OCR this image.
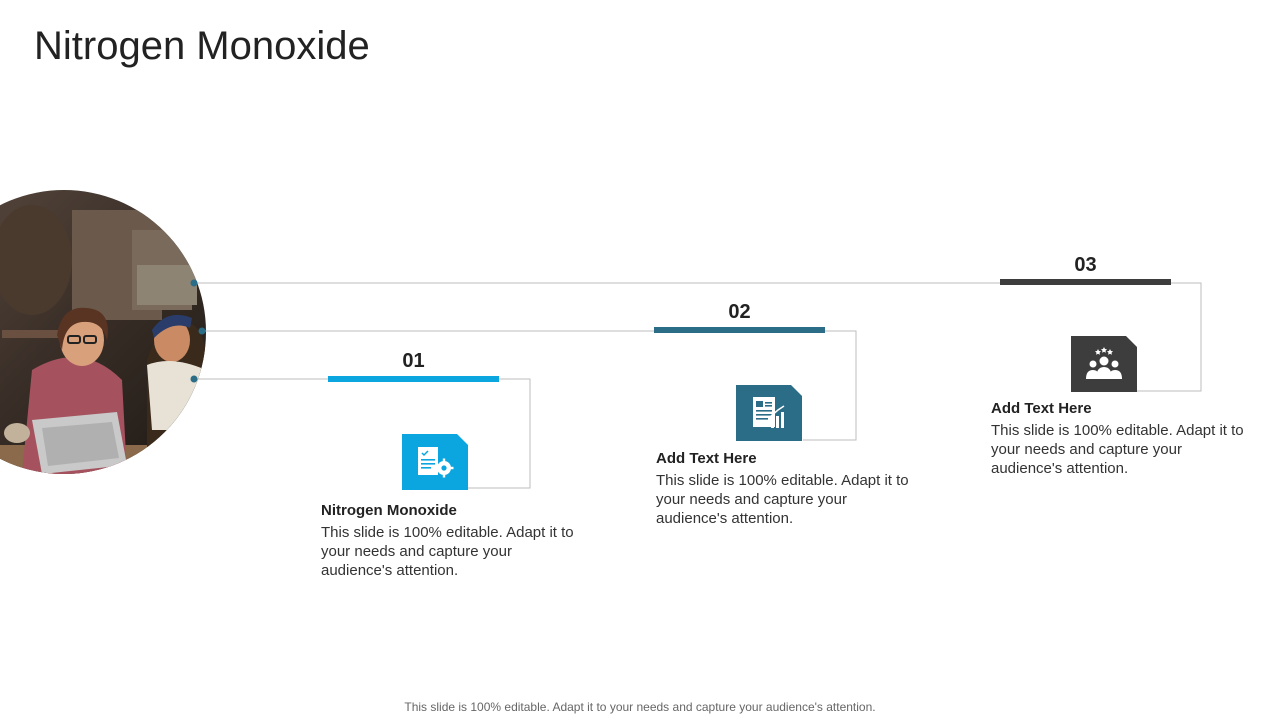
Nitrogen Monoxide
01
Nitrogen Monoxide
This slide is 100% editable. Adapt it to your needs and capture your audience's attention.
02
Add Text Here
This slide is 100% editable. Adapt it to your needs and capture your audience's attention.
03
Add Text Here
This slide is 100% editable. Adapt it to your needs and capture your audience's attention.
This slide is 100% editable. Adapt it to your needs and capture your audience's attention.
